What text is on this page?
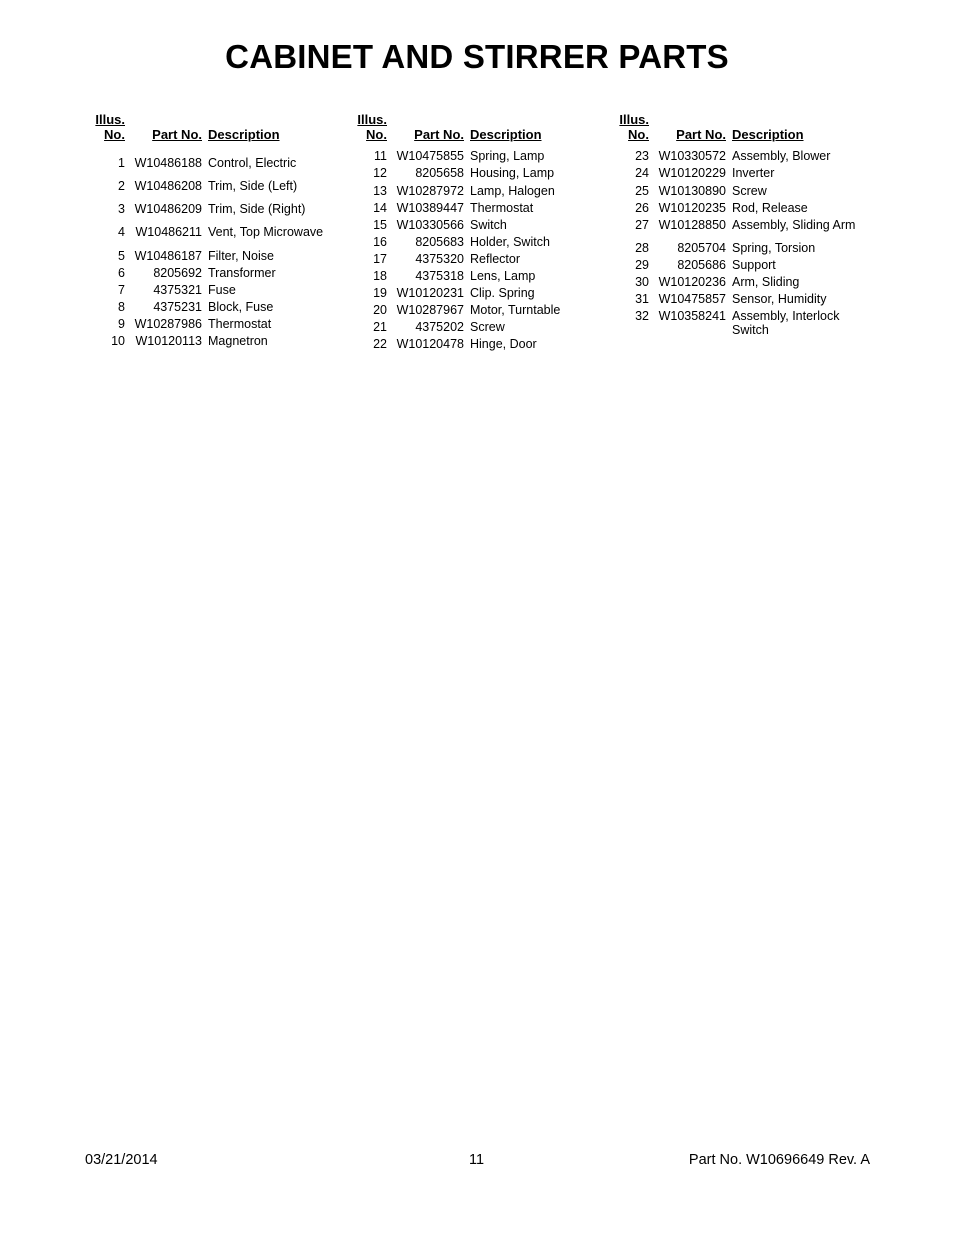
CABINET AND STIRRER PARTS
Illus.
No. Part No. Description
1 W10486188 Control, Electric
2 W10486208 Trim, Side (Left)
3 W10486209 Trim, Side (Right)
4 W10486211 Vent, Top Microwave
5 W10486187 Filter, Noise
6 8205692 Transformer
7 4375321 Fuse
8 4375231 Block, Fuse
9 W10287986 Thermostat
10 W10120113 Magnetron
Illus.
No. Part No. Description
11 W10475855 Spring, Lamp
12 8205658 Housing, Lamp
13 W10287972 Lamp, Halogen
14 W10389447 Thermostat
15 W10330566 Switch
16 8205683 Holder, Switch
17 4375320 Reflector
18 4375318 Lens, Lamp
19 W10120231 Clip. Spring
20 W10287967 Motor, Turntable
21 4375202 Screw
22 W10120478 Hinge, Door
Illus.
No. Part No. Description
23 W10330572 Assembly, Blower
24 W10120229 Inverter
25 W10130890 Screw
26 W10120235 Rod, Release
27 W10128850 Assembly, Sliding Arm
28 8205704 Spring, Torsion
29 8205686 Support
30 W10120236 Arm, Sliding
31 W10475857 Sensor, Humidity
32 W10358241 Assembly, Interlock Switch
03/21/2014	11	Part No. W10696649 Rev. A
